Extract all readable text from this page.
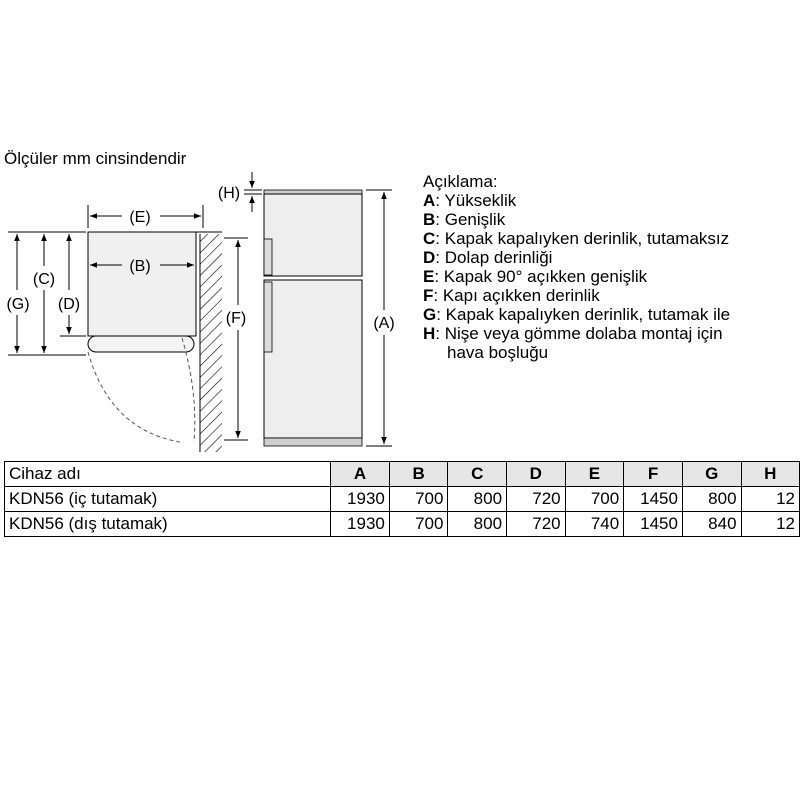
Ölçüler mm cinsindendir
(E)
(B)
(G)
(C)
(D)
(F)
(H)
(A)
Açıklama:
A: Yükseklik
B: Genişlik
C: Kapak kapalıyken derinlik, tutamaksız
D: Dolap derinliği
E: Kapak 90° açıkken genişlik
F: Kapı açıkken derinlik
G: Kapak kapalıyken derinlik, tutamak ile
H: Nişe veya gömme dolaba montaj için
hava boşluğu
Cihaz adı	A	B	C	D	E	F	G	H
KDN56 (iç tutamak)	1930	700	800	720	700	1450	800	12
KDN56 (dış tutamak)	1930	700	800	720	740	1450	840	12
